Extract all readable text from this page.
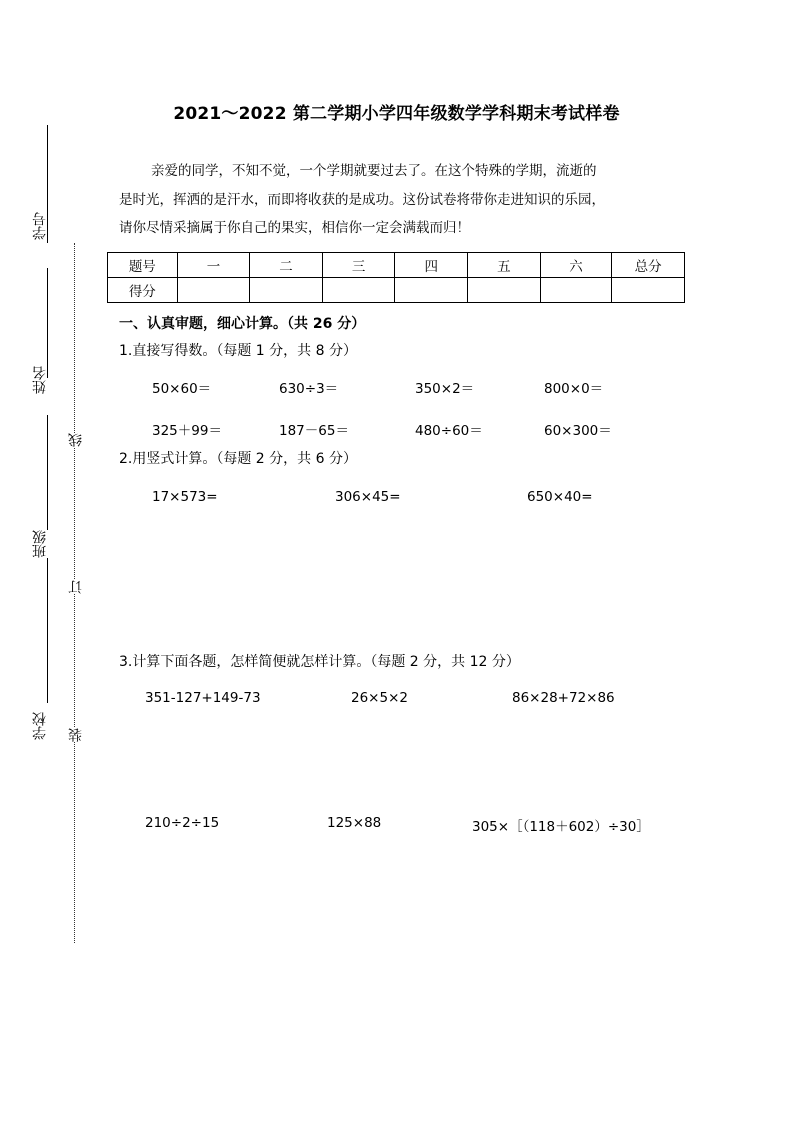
学号
姓名
班级
学校
线
订
装
2021～2022 第二学期小学四年级数学学科期末考试样卷
亲爱的同学，不知不觉，一个学期就要过去了。在这个特殊的学期，流逝的
是时光，挥洒的是汗水，而即将收获的是成功。这份试卷将带你走进知识的乐园，
请你尽情采摘属于你自己的果实，相信你一定会满载而归！
题号	一	二	三	四	五	六	总分
得分							
一、认真审题，细心计算。（共 26 分）
1.直接写得数。（每题 1 分，共 8 分）
50×60＝	630÷3＝	350×2＝	800×0＝
325＋99＝	187－65＝	480÷60＝	60×300＝
2.用竖式计算。（每题 2 分，共 6 分）
17×573=	306×45=	650×40=
3.计算下面各题，怎样简便就怎样计算。（每题 2 分，共 12 分）
351-127+149-73	26×5×2	86×28+72×86
210÷2÷15	125×88	305×［（118＋602）÷30］
